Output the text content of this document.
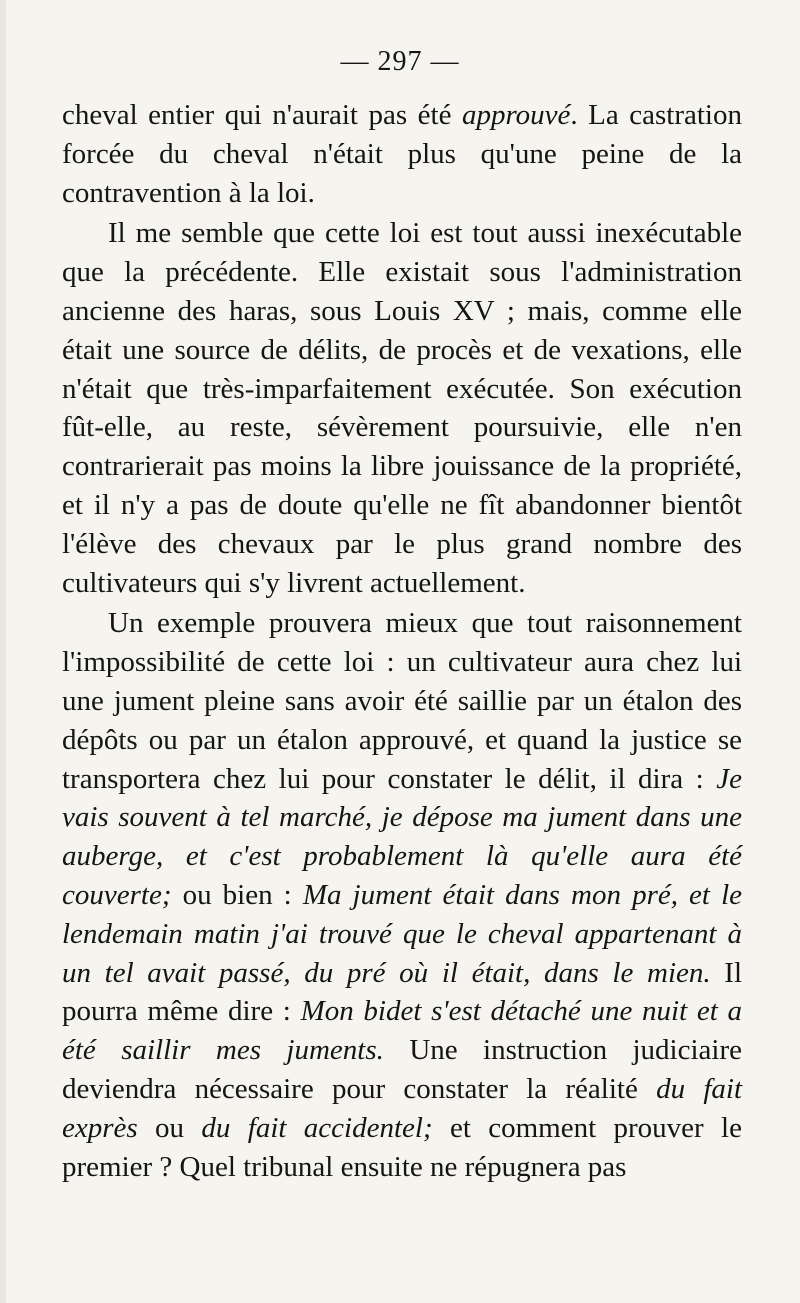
— 297 —

cheval entier qui n'aurait pas été approuvé. La castration forcée du cheval n'était plus qu'une peine de la contravention à la loi.

Il me semble que cette loi est tout aussi inexécutable que la précédente. Elle existait sous l'administration ancienne des haras, sous Louis XV ; mais, comme elle était une source de délits, de procès et de vexations, elle n'était que très-imparfaitement exécutée. Son exécution fût-elle, au reste, sévèrement poursuivie, elle n'en contrarierait pas moins la libre jouissance de la propriété, et il n'y a pas de doute qu'elle ne fît abandonner bientôt l'élève des chevaux par le plus grand nombre des cultivateurs qui s'y livrent actuellement.

Un exemple prouvera mieux que tout raisonnement l'impossibilité de cette loi : un cultivateur aura chez lui une jument pleine sans avoir été saillie par un étalon des dépôts ou par un étalon approuvé, et quand la justice se transportera chez lui pour constater le délit, il dira : Je vais souvent à tel marché, je dépose ma jument dans une auberge, et c'est probablement là qu'elle aura été couverte; ou bien : Ma jument était dans mon pré, et le lendemain matin j'ai trouvé que le cheval appartenant à un tel avait passé, du pré où il était, dans le mien. Il pourra même dire : Mon bidet s'est détaché une nuit et a été saillir mes juments. Une instruction judiciaire deviendra nécessaire pour constater la réalité du fait exprès ou du fait accidentel; et comment prouver le premier ? Quel tribunal ensuite ne répugnera pas
